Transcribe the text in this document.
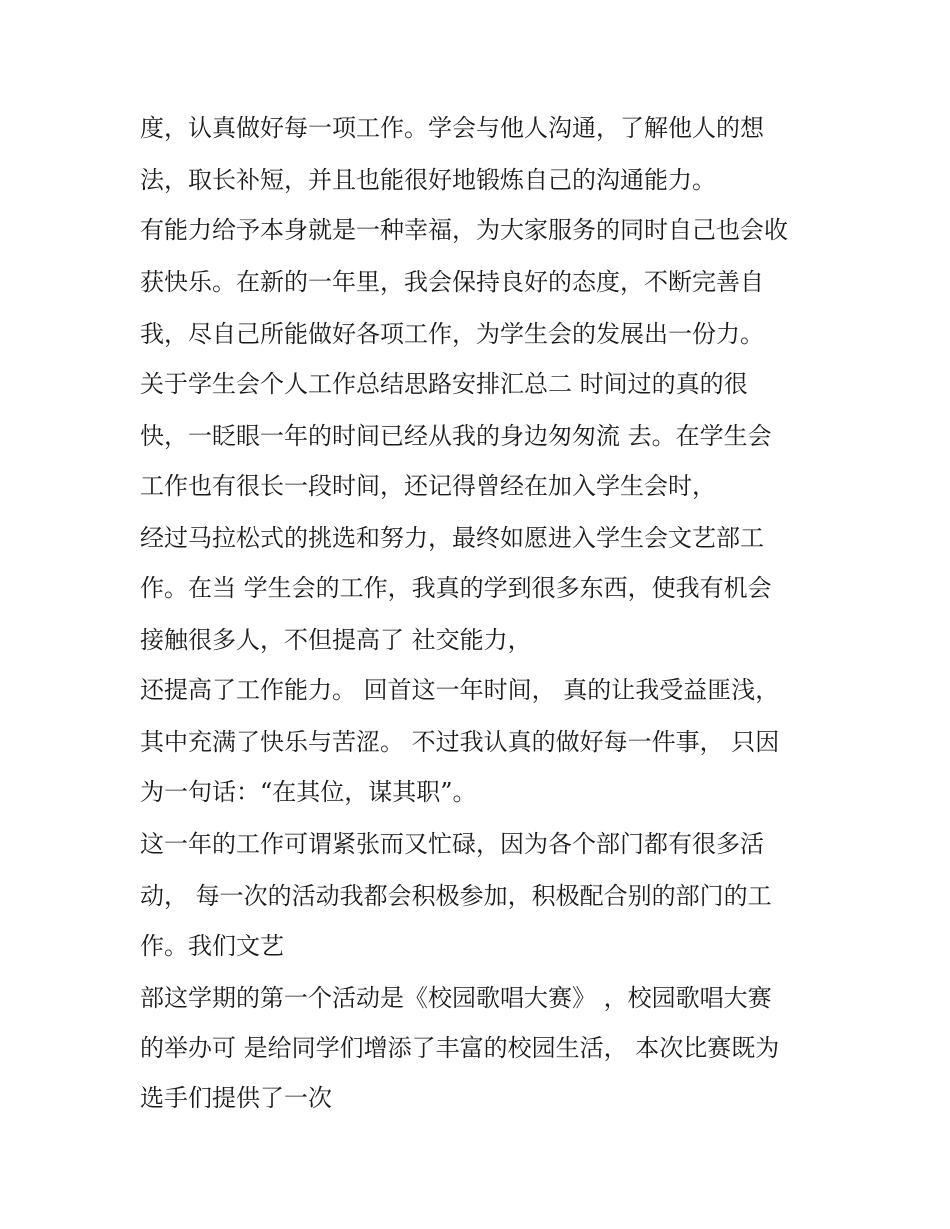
度，认真做好每一项工作。学会与他人沟通，了解他人的想
法，取长补短，并且也能很好地锻炼自己的沟通能力。
有能力给予本身就是一种幸福，为大家服务的同时自己也会收
获快乐。在新的一年里，我会保持良好的态度，不断完善自
我，尽自己所能做好各项工作，为学生会的发展出一份力。
关于学生会个人工作总结思路安排汇总二 时间过的真的很
快，一眨眼一年的时间已经从我的身边匆匆流 去。在学生会
工作也有很长一段时间，还记得曾经在加入学生会时，
经过马拉松式的挑选和努力，最终如愿进入学生会文艺部工
作。在当 学生会的工作，我真的学到很多东西，使我有机会
接触很多人，不但提高了 社交能力，
还提高了工作能力。 回首这一年时间， 真的让我受益匪浅，
其中充满了快乐与苦涩。 不过我认真的做好每一件事， 只因
为一句话：“在其位，谋其职”。
这一年的工作可谓紧张而又忙碌，因为各个部门都有很多活
动， 每一次的活动我都会积极参加，积极配合别的部门的工
作。我们文艺
部这学期的第一个活动是《校园歌唱大赛》 ，校园歌唱大赛
的举办可 是给同学们增添了丰富的校园生活， 本次比赛既为
选手们提供了一次
